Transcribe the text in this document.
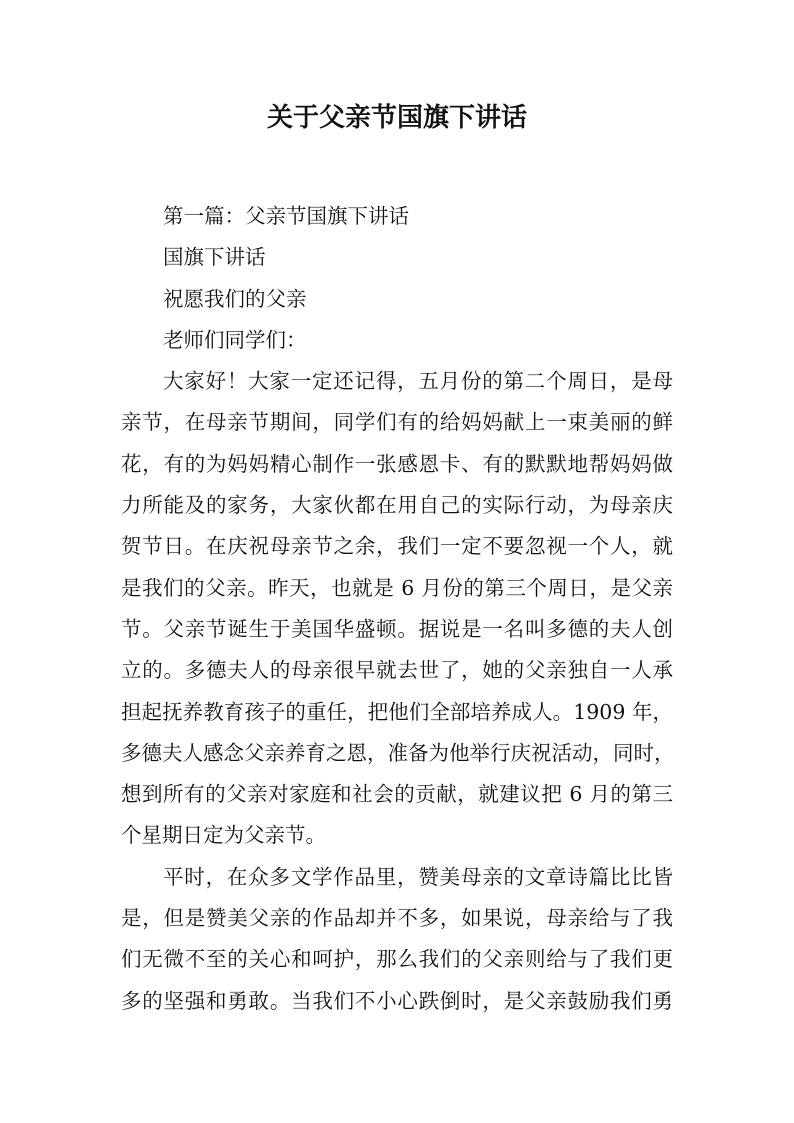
关于父亲节国旗下讲话
第一篇：父亲节国旗下讲话
国旗下讲话
祝愿我们的父亲
老师们同学们：
大家好！大家一定还记得，五月份的第二个周日，是母
亲节，在母亲节期间，同学们有的给妈妈献上一束美丽的鲜
花，有的为妈妈精心制作一张感恩卡、有的默默地帮妈妈做
力所能及的家务，大家伙都在用自己的实际行动，为母亲庆
贺节日。在庆祝母亲节之余，我们一定不要忽视一个人，就
是我们的父亲。昨天，也就是 6 月份的第三个周日，是父亲
节。父亲节诞生于美国华盛顿。据说是一名叫多德的夫人创
立的。多德夫人的母亲很早就去世了，她的父亲独自一人承
担起抚养教育孩子的重任，把他们全部培养成人。1909 年，
多德夫人感念父亲养育之恩，准备为他举行庆祝活动，同时，
想到所有的父亲对家庭和社会的贡献，就建议把 6 月的第三
个星期日定为父亲节。
平时，在众多文学作品里，赞美母亲的文章诗篇比比皆
是，但是赞美父亲的作品却并不多，如果说，母亲给与了我
们无微不至的关心和呵护，那么我们的父亲则给与了我们更
多的坚强和勇敢。当我们不小心跌倒时，是父亲鼓励我们勇
